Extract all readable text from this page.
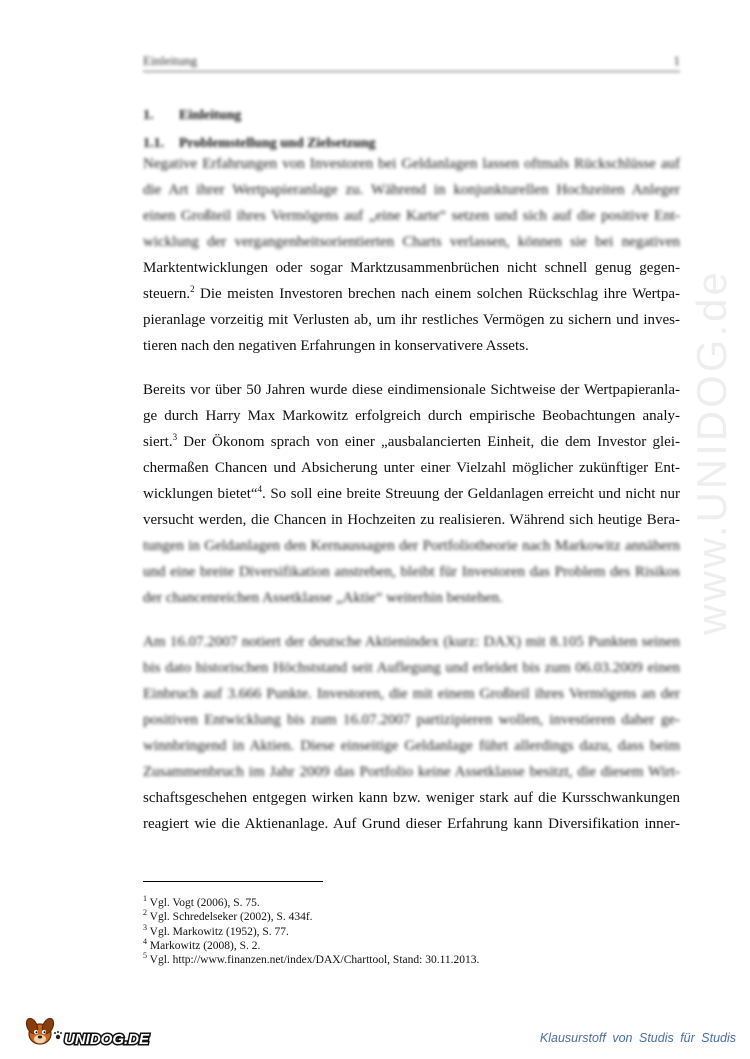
Einleitung	1
1. Einleitung
1.1. Problemstellung und Zielsetzung
Negative Erfahrungen von Investoren bei Geldanlagen lassen oftmals Rückschlüsse auf
die Art ihrer Wertpapieranlage zu. Während in konjunkturellen Hochzeiten Anleger
einen Großteil ihres Vermögens auf „eine Karte“ setzen und sich auf die positive Ent-
wicklung der vergangenheitsorientierten Charts verlassen, können sie bei negativen
Marktentwicklungen oder sogar Marktzusammenbrüchen nicht schnell genug gegen-
steuern.$^2$ Die meisten Investoren brechen nach einem solchen Rückschlag ihre Wertpa-
pieranlage vorzeitig mit Verlusten ab, um ihr restliches Vermögen zu sichern und inves-
tieren nach den negativen Erfahrungen in konservativere Assets.
Bereits vor über 50 Jahren wurde diese eindimensionale Sichtweise der Wertpapieranla-
ge durch Harry Max Markowitz erfolgreich durch empirische Beobachtungen analy-
siert.$^3$ Der Ökonom sprach von einer „ausbalancierten Einheit, die dem Investor glei-
chermaßen Chancen und Absicherung unter einer Vielzahl möglicher zukünftiger Ent-
wicklungen bietet“$^4$. So soll eine breite Streuung der Geldanlagen erreicht und nicht nur
versucht werden, die Chancen in Hochzeiten zu realisieren. Während sich heutige Bera-
tungen in Geldanlagen den Kernaussagen der Portfoliotheorie nach Markowitz annähern
und eine breite Diversifikation anstreben, bleibt für Investoren das Problem des Risikos
der chancenreichen Assetklasse „Aktie“ weiterhin bestehen.
Am 16.07.2007 notiert der deutsche Aktienindex (kurz: DAX) mit 8.105 Punkten seinen
bis dato historischen Höchststand seit Auflegung und erleidet bis zum 06.03.2009 einen
Einbruch auf 3.666 Punkte. Investoren, die mit einem Großteil ihres Vermögens an der
positiven Entwicklung bis zum 16.07.2007 partizipieren wollen, investieren daher ge-
winnbringend in Aktien. Diese einseitige Geldanlage führt allerdings dazu, dass beim
Zusammenbruch im Jahr 2009 das Portfolio keine Assetklasse besitzt, die diesem Wirt-
schaftsgeschehen entgegen wirken kann bzw. weniger stark auf die Kursschwankungen
reagiert wie die Aktienanlage. Auf Grund dieser Erfahrung kann Diversifikation inner-
$^1$ Vgl. Vogt (2006), S. 75.
$^2$ Vgl. Schredelseker (2002), S. 434f.
$^3$ Vgl. Markowitz (1952), S. 77.
$^4$ Markowitz (2008), S. 2.
$^5$ Vgl. http://www.finanzen.net/index/DAX/Charttool, Stand: 30.11.2013.
www.UNIDOG.de
UNIDOG.DE	Klausurstoff von Studis für Studis
